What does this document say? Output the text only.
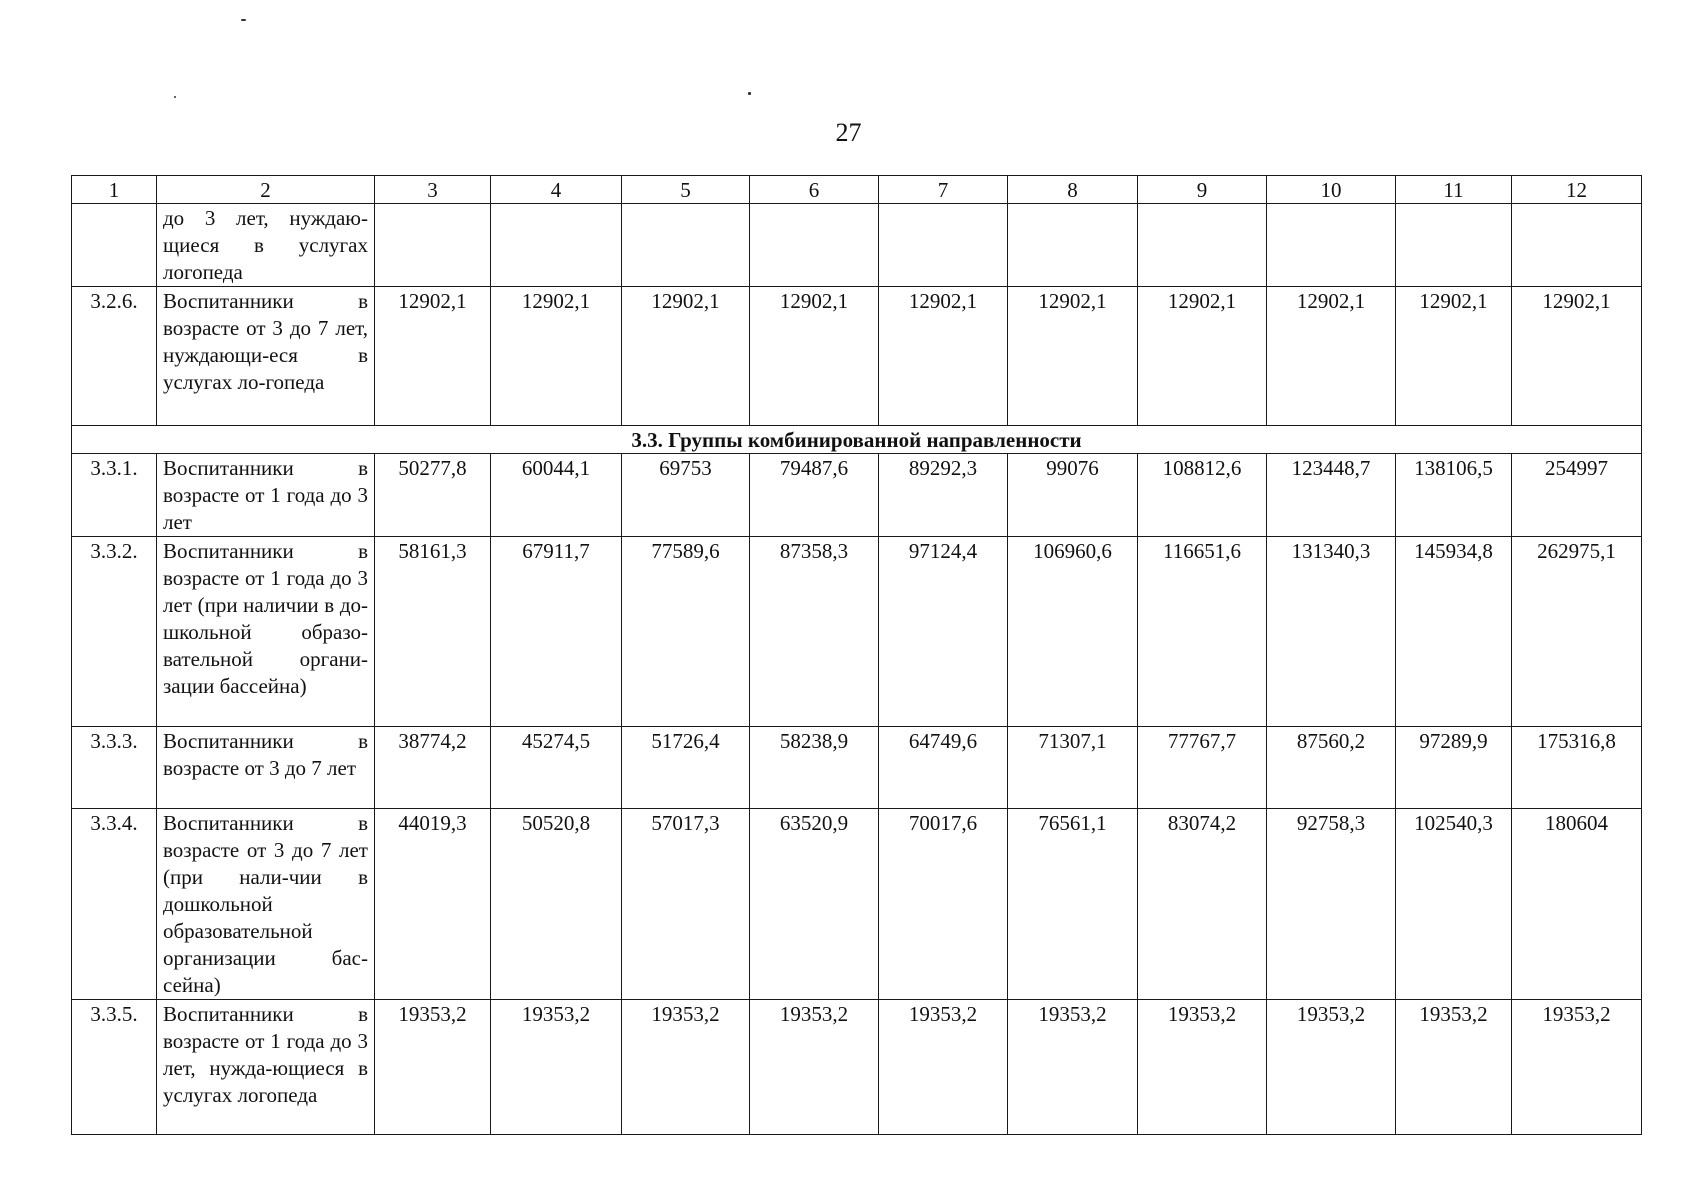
27
1	2	3	4	5	6	7	8	9	10	11	12
	до 3 лет, нуждаю-щиеся в услугах логопеда										
3.2.6.	Воспитанники в возрасте от 3 до 7 лет, нуждающи-еся в услугах ло-гопеда	12902,1	12902,1	12902,1	12902,1	12902,1	12902,1	12902,1	12902,1	12902,1	12902,1
3.3. Группы комбинированной направленности											
3.3.1.	Воспитанники в возрасте от 1 года до 3 лет	50277,8	60044,1	69753	79487,6	89292,3	99076	108812,6	123448,7	138106,5	254997
3.3.2.	Воспитанники в возрасте от 1 года до 3 лет (при наличии в до-школьной образо-вательной органи-зации бассейна)	58161,3	67911,7	77589,6	87358,3	97124,4	106960,6	116651,6	131340,3	145934,8	262975,1
3.3.3.	Воспитанники в возрасте от 3 до 7 лет	38774,2	45274,5	51726,4	58238,9	64749,6	71307,1	77767,7	87560,2	97289,9	175316,8
3.3.4.	Воспитанники в возрасте от 3 до 7 лет (при нали-чии в дошкольной образовательной организации бас-сейна)	44019,3	50520,8	57017,3	63520,9	70017,6	76561,1	83074,2	92758,3	102540,3	180604
3.3.5.	Воспитанники в возрасте от 1 года до 3 лет, нужда-ющиеся в услугах логопеда	19353,2	19353,2	19353,2	19353,2	19353,2	19353,2	19353,2	19353,2	19353,2	19353,2
